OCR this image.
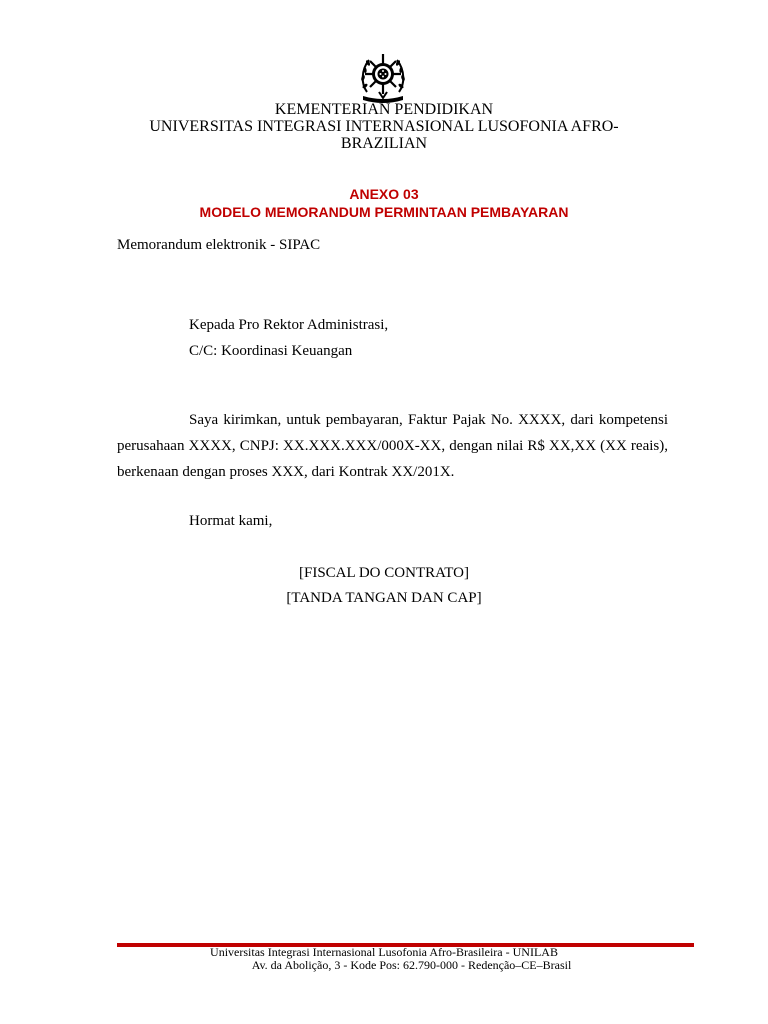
KEMENTERIAN PENDIDIKAN
UNIVERSITAS INTEGRASI INTERNASIONAL LUSOFONIA AFRO-
BRAZILIAN
ANEXO 03
MODELO MEMORANDUM PERMINTAAN PEMBAYARAN
Memorandum elektronik - SIPAC
Kepada Pro Rektor Administrasi,
C/C: Koordinasi Keuangan
Saya kirimkan, untuk pembayaran, Faktur Pajak No. XXXX, dari kompetensi perusahaan XXXX, CNPJ: XX.XXX.XXX/000X-XX, dengan nilai R$ XX,XX (XX reais), berkenaan dengan proses XXX, dari Kontrak XX/201X.
Hormat kami,
[FISCAL DO CONTRATO]
[TANDA TANGAN DAN CAP]
Universitas Integrasi Internasional Lusofonia Afro-Brasileira - UNILAB
Av. da Abolição, 3 - Kode Pos: 62.790-000 - Redenção–CE–Brasil
